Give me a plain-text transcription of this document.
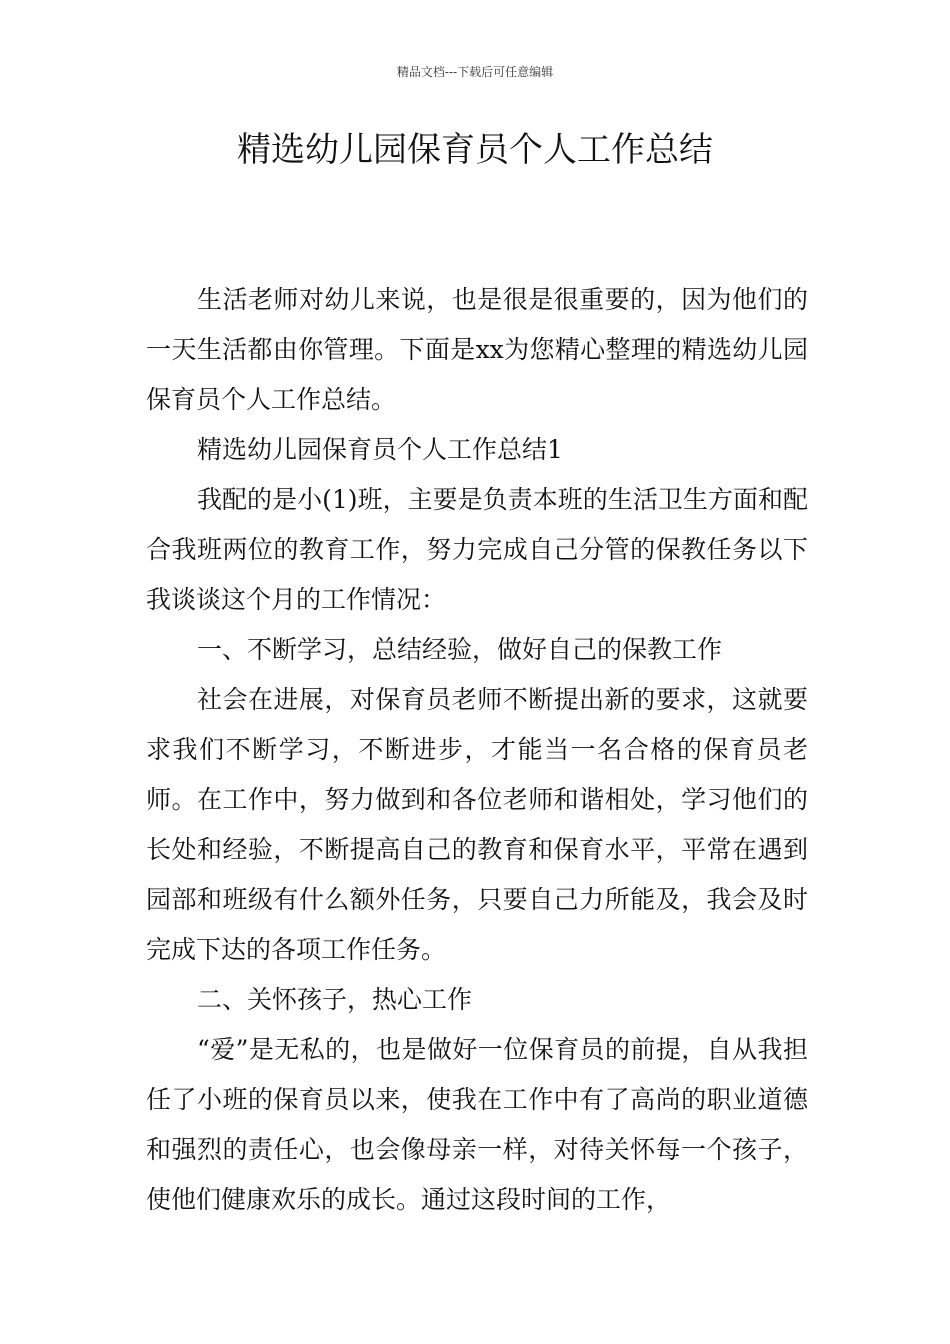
精品文档---下载后可任意编辑
精选幼儿园保育员个人工作总结

生活老师对幼儿来说，也是很是很重要的，因为他们的一天生活都由你管理。下面是xx为您精心整理的精选幼儿园保育员个人工作总结。

精选幼儿园保育员个人工作总结1

我配的是小(1)班，主要是负责本班的生活卫生方面和配合我班两位的教育工作，努力完成自己分管的保教任务以下我谈谈这个月的工作情况：

一、不断学习，总结经验，做好自己的保教工作

社会在进展，对保育员老师不断提出新的要求，这就要求我们不断学习，不断进步，才能当一名合格的保育员老师。在工作中，努力做到和各位老师和谐相处，学习他们的长处和经验，不断提高自己的教育和保育水平，平常在遇到园部和班级有什么额外任务，只要自己力所能及，我会及时完成下达的各项工作任务。

二、关怀孩子，热心工作

“爱”是无私的，也是做好一位保育员的前提，自从我担任了小班的保育员以来，使我在工作中有了高尚的职业道德和强烈的责任心，也会像母亲一样，对待关怀每一个孩子，使他们健康欢乐的成长。通过这段时间的工作，
